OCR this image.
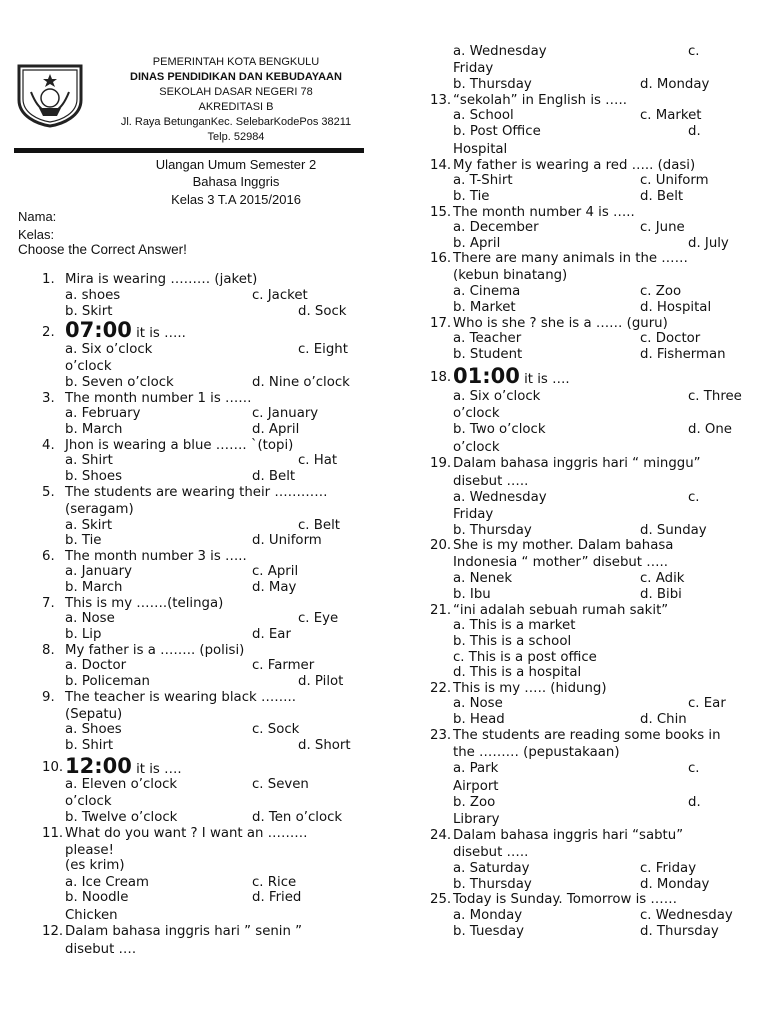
PEMERINTAH KOTA BENGKULU
DINAS PENDIDIKAN DAN KEBUDAYAAN
SEKOLAH DASAR NEGERI 78
AKREDITASI B
Jl. Raya BetunganKec. SelebarKodePos 38211
Telp. 52984
Ulangan Umum Semester 2
Bahasa Inggris
Kelas 3 T.A 2015/2016
Nama:
Kelas:
Choose the Correct Answer!
1. Mira is wearing ……… (jaket)
a. shoes	c. Jacket
b. Skirt	d. Sock
2.
a. Six o’clock	c. Eight
o’clock
b. Seven o’clock	d. Nine o’clock
3. The month number 1 is ……
a. February	c. January
b. March	d. April
4. Jhon is wearing a blue ……. `(topi)
a. Shirt	c. Hat
b. Shoes	d. Belt
5. The students are wearing their …………
(seragam)
a. Skirt	c. Belt
b. Tie	d. Uniform
6. The month number 3 is …..
a. January	c. April
b. March	d. May
7. This is my …….(telinga)
a. Nose	c. Eye
b. Lip	d. Ear
8. My father is a …….. (polisi)
a. Doctor	c. Farmer
b. Policeman	d. Pilot
9. The teacher is wearing black ……..
(Sepatu)
a. Shoes	c. Sock
b. Shirt	d. Short
10.
a. Eleven o’clock	c. Seven
o’clock
b. Twelve o’clock	d. Ten o’clock
11. What do you want ? I want an ………
please!
(es krim)
a. Ice Cream	c. Rice
b. Noodle	d. Fried
Chicken
12. Dalam bahasa inggris hari ” senin ”
disebut ….
a. Wednesday	c.
Friday
b. Thursday	d. Monday
13. “sekolah” in English is …..
a. School	c. Market
b. Post Office	d.
Hospital
14. My father is wearing a red ….. (dasi)
a. T-Shirt	c. Uniform
b. Tie	d. Belt
15. The month number 4 is …..
a. December	c. June
b. April	d. July
16. There are many animals in the ……
(kebun binatang)
a. Cinema	c. Zoo
b. Market	d. Hospital
17. Who is she ? she is a …… (guru)
a. Teacher	c. Doctor
b. Student	d. Fisherman
18.
a. Six o’clock	c. Three
o’clock
b. Two o’clock	d. One
o’clock
19. Dalam bahasa inggris hari “ minggu”
disebut …..
a. Wednesday	c.
Friday
b. Thursday	d. Sunday
20. She is my mother. Dalam bahasa
Indonesia “ mother” disebut …..
a. Nenek	c. Adik
b. Ibu	d. Bibi
21. “ini adalah sebuah rumah sakit”
a. This is a market
b. This is a school
c. This is a post office
d. This is a hospital
22. This is my ….. (hidung)
a. Nose	c. Ear
b. Head	d. Chin
23. The students are reading some books in
the ……… (pepustakaan)
a. Park	c.
Airport
b. Zoo	d.
Library
24. Dalam bahasa inggris hari “sabtu”
disebut …..
a. Saturday	c. Friday
b. Thursday	d. Monday
25. Today is Sunday. Tomorrow is ……
a. Monday	c. Wednesday
b. Tuesday	d. Thursday
07:00 it is …..
12:00 it is ….
01:00 it is ….
